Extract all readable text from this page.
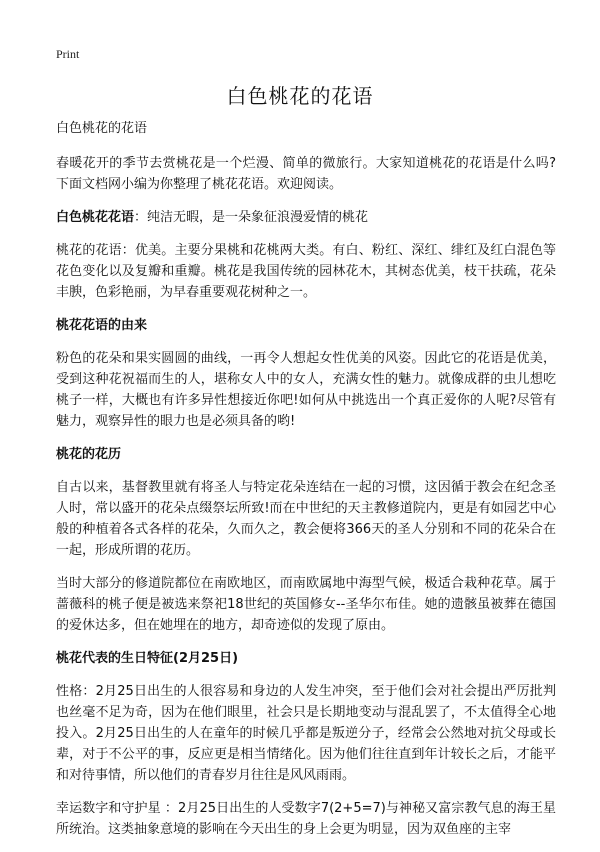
Print
白色桃花的花语

白色桃花的花语

春暖花开的季节去赏桃花是一个烂漫、简单的微旅行。大家知道桃花的花语是什么吗?下面文档网小编为你整理了桃花花语。欢迎阅读。

白色桃花花语：纯洁无暇，是一朵象征浪漫爱情的桃花

桃花的花语：优美。主要分果桃和花桃两大类。有白、粉红、深红、绯红及红白混色等花色变化以及复瓣和重瓣。桃花是我国传统的园林花木，其树态优美，枝干扶疏，花朵丰腴，色彩艳丽，为早春重要观花树种之一。

桃花花语的由来

粉色的花朵和果实圆圆的曲线，一再令人想起女性优美的风姿。因此它的花语是优美，受到这种花祝福而生的人，堪称女人中的女人，充满女性的魅力。就像成群的虫儿想吃桃子一样，大概也有许多异性想接近你吧!如何从中挑选出一个真正爱你的人呢?尽管有魅力，观察异性的眼力也是必须具备的哟!

桃花的花历

自古以来，基督教里就有将圣人与特定花朵连结在一起的习惯，这因循于教会在纪念圣人时，常以盛开的花朵点缀祭坛所致!而在中世纪的天主教修道院内，更是有如园艺中心 般的种植着各式各样的花朵，久而久之，教会便将366天的圣人分别和不同的花朵合在一起，形成所谓的花历。

当时大部分的修道院都位在南欧地区，而南欧属地中海型气候，极适合栽种花草。属于蔷薇科的桃子便是被选来祭祀18世纪的英国修女--圣华尔布佳。她的遗骸虽被葬在德国的爱休达多，但在她埋在的地方，却奇迹似的发现了原由。

桃花代表的生日特征(2月25日)

性格：2月25日出生的人很容易和身边的人发生冲突，至于他们会对社会提出严厉批判也丝毫不足为奇，因为在他们眼里，社会只是长期地变动与混乱罢了，不太值得全心地投入。2月25日出生的人在童年的时候几乎都是叛逆分子，经常会公然地对抗父母或长辈，对于不公平的事，反应更是相当情绪化。因为他们往往直到年计较长之后，才能平和对待事情，所以他们的青春岁月往往是风风雨雨。

幸运数字和守护星 ：2月25日出生的人受数字7(2+5=7)与神秘又富宗教气息的海王星所统治。这类抽象意境的影响在今天出生的身上会更为明显，因为双鱼座的主宰
